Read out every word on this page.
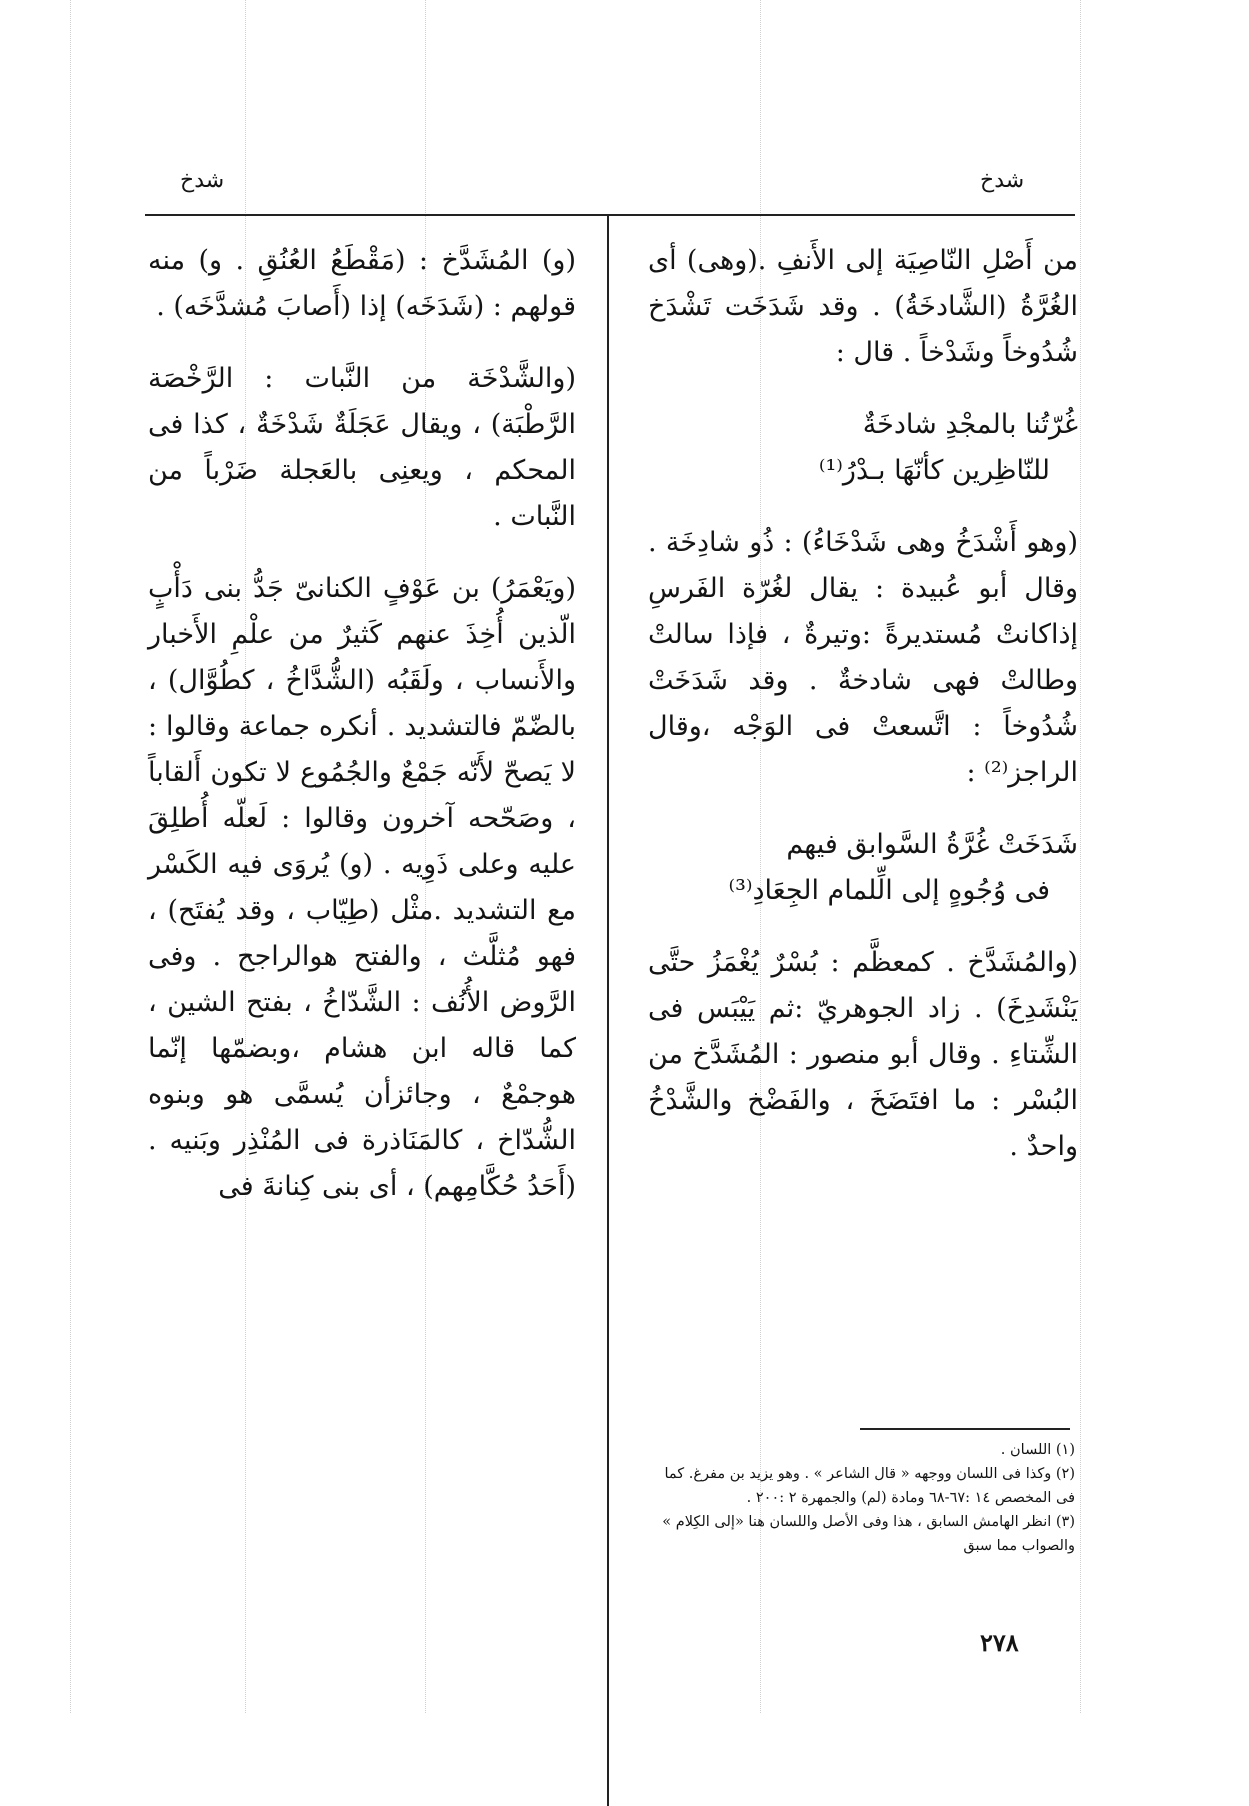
شدخ	شدخ

من أَصْلِ النّاصِيَة إلى الأَنفِ .(وهى) أى الغُرَّةُ (الشَّادخَةُ) . وقد شَدَخَت تَشْدَخ شُدُوخاً وشَدْخاً . قال :

غُرّتُنا بالمجْدِ شادخَةٌ
للنّاظِرين كأنّهَا بـدْرُ⁽¹⁾

(وهو أَشْدَخُ وهى شَدْخَاءُ) : ذُو شادِخَة . وقال أبو عُبيدة : يقال لغُرّة الفَرسِ إذاكانتْ مُستديرةً :وتيرةٌ ، فإذا سالتْ وطالتْ فهى شادخةٌ . وقد شَدَخَتْ شُدُوخاً : اتَّسعتْ فى الوَجْه ،وقال الراجز⁽²⁾ :

شَدَخَتْ غُرَّةُ السَّوابق فيهم
فى وُجُوهٍ إلى الِّلمام الجِعَادِ⁽³⁾

(والمُشَدَّخ . كمعظَّم : بُسْرٌ يُغْمَزُ حتَّى يَنْشَدِخَ) . زاد الجوهريّ :ثم يَيْبَس فى الشِّتاءِ . وقال أبو منصور : المُشَدَّخ من البُسْر : ما افتَضَخَ ، والفَضْخ والشَّدْخُ واحدٌ .

(و) المُشَدَّخ : (مَقْطَعُ العُنُقِ . و) منه قولهم : (شَدَخَه) إذا (أَصابَ مُشدَّخَه) .

(والشَّدْخَة من النَّبات : الرَّخْصَة الرَّطْبَة) ، ويقال عَجَلَةٌ شَدْخَةٌ ، كذا فى المحكم ، ويعنِى بالعَجلة ضَرْباً من النَّبات .

(ويَعْمَرُ) بن عَوْفٍ الكنانىّ جَدُّ بنى دَأْبٍ الّذين أُخِذَ عنهم كَثيرٌ من علْمِ الأَخبار والأَنساب ، ولَقَبُه (الشُّدَّاخُ ، كطُوَّال) ، بالضّمّ فالتشديد . أنكره جماعة وقالوا : لا يَصحّ لأَنّه جَمْعٌ والجُمُوع لا تكون أَلقاباً ، وصَحّحه آخرون وقالوا : لَعلّه أُطلِقَ عليه وعلى ذَوِيه . (و) يُروَى فيه الكَسْر مع التشديد .مثْل (طِيّاب ، وقد يُفتَح) ، فهو مُثلَّث ، والفتح هوالراجح . وفى الرَّوض الأُنُف : الشَّدّاخُ ، بفتح الشين ، كما قاله ابن هشام ،وبضمّها إنّما هوجمْعٌ ، وجائزأن يُسمَّى هو وبنوه الشُّدّاخ ، كالمَنَاذرة فى المُنْذِر وبَنيه . (أَحَدُ حُكَّامِهم) ، أى بنى كِنانةَ فى

(١) اللسان .
(٢) وكذا فى اللسان ووجهه « قال الشاعر » . وهو يزيد بن مفرغ. كما فى المخصص ١٤ :٦٧-٦٨ ومادة (لم) والجمهرة ٢ :٢٠٠ .
(٣) انظر الهامش السابق ، هذا وفى الأصل واللسان هنا «إلى الكِلام » والصواب مما سبق
٢٧٨
